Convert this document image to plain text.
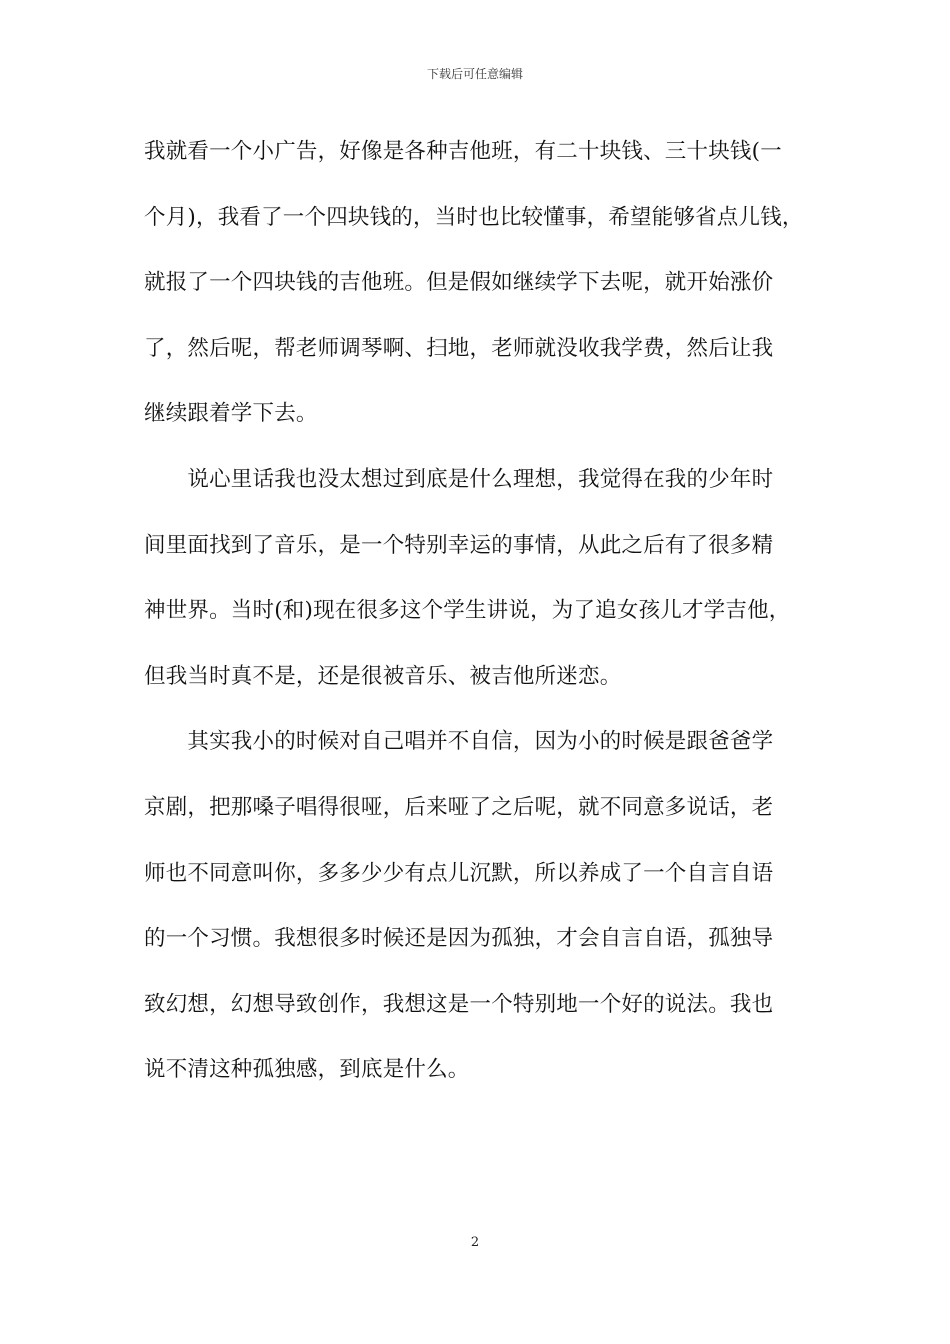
下载后可任意编辑
我就看一个小广告，好像是各种吉他班，有二十块钱、三十块钱(一
个月)，我看了一个四块钱的，当时也比较懂事，希望能够省点儿钱，
就报了一个四块钱的吉他班。但是假如继续学下去呢，就开始涨价
了，然后呢，帮老师调琴啊、扫地，老师就没收我学费，然后让我
继续跟着学下去。
　　说心里话我也没太想过到底是什么理想，我觉得在我的少年时
间里面找到了音乐，是一个特别幸运的事情，从此之后有了很多精
神世界。当时(和)现在很多这个学生讲说，为了追女孩儿才学吉他，
但我当时真不是，还是很被音乐、被吉他所迷恋。
　　其实我小的时候对自己唱并不自信，因为小的时候是跟爸爸学
京剧，把那嗓子唱得很哑，后来哑了之后呢，就不同意多说话，老
师也不同意叫你，多多少少有点儿沉默，所以养成了一个自言自语
的一个习惯。我想很多时候还是因为孤独，才会自言自语，孤独导
致幻想，幻想导致创作，我想这是一个特别地一个好的说法。我也
说不清这种孤独感，到底是什么。
2
